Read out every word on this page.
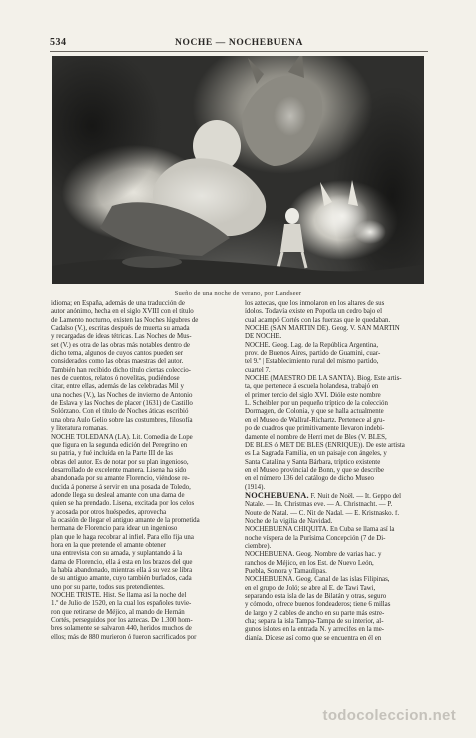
534	NOCHE — NOCHEBUENA
Sueño de una noche de verano, por Landseer
idioma; en España, además de una traducción de
autor anónimo, hecha en el siglo XVIII con el título
de Lamento nocturno, existen las Noches lúgubres de
Cadalso (V.), escritas después de muerta su amada
y recargadas de ideas tétricas. Las Noches de Mus-
set (V.) es otra de las obras más notables dentro de
dicho tema, algunos de cuyos cantos pueden ser
considerados como las obras maestras del autor.
También han recibido dicho título ciertas coleccio-
nes de cuentos, relatos ó novelitas, pudiéndose
citar, entre ellas, además de las celebradas Mil y
una noches (V.), las Noches de invierno de Antonio
de Eslava y las Noches de placer (1631) de Castillo
Solórzano. Con el título de Noches áticas escribió
una obra Aulo Gelio sobre las costumbres, filosofía
y literatura romanas.
NOCHE TOLEDANA (LA). Lit. Comedia de Lope
que figura en la segunda edición del Peregrino en
su patria, y fué incluída en la Parte III de las
obras del autor. Es de notar por su plan ingenioso,
desarrollado de excelente manera. Lisena ha sido
abandonada por su amante Florencio, viéndose re-
ducida á ponerse á servir en una posada de Toledo,
adonde llega su desleal amante con una dama de
quien se ha prendado. Lisena, excitada por los celos
y acosada por otros huéspedes, aprovecha
la ocasión de llegar el antiguo amante de la prometida
hermana de Florencio para idear un ingenioso
plan que le haga recobrar al infiel. Para ello fija una
hora en la que pretende el amante obtener
una entrevista con su amada, y suplantando á la
dama de Florencio, ella á esta en los brazos del que
la había abandonado, mientras ella á su vez se libra
de su antiguo amante, cuyo también burlados, cada
uno por su parte, todos sus pretendientes.
NOCHE TRISTE. Hist. Se llama así la noche del
1.º de Julio de 1520, en la cual los españoles tuvie-
ron que retirarse de Méjico, al mando de Hernán
Cortés, perseguidos por los aztecas. De 1.300 hom-
bres solamente se salvaron 440, heridos muchos de
ellos; más de 880 murieron ó fueron sacrificados por
los aztecas, que los inmolaron en los altares de sus
ídolos. Todavía existe en Popotla un cedro bajo el
cual acampó Cortés con las fuerzas que le quedaban.
NOCHE (SAN MARTÍN DE). Geog. V. SAN MARTÍN
DE NOCHE.
NOCHE. Geog. Lag. de la República Argentina,
prov. de Buenos Aires, partido de Guamini, cuar-
tel 9.º | Establecimiento rural del mismo partido,
cuartel 7.
NOCHE (MAESTRO DE LA SANTA). Biog. Este artis-
ta, que pertenece á escuela holandesa, trabajó en
el primer tercio del siglo XVI. Dióle este nombre
L. Scheibler por un pequeño tríptico de la colección
Dormagen, de Colonia, y que se halla actualmente
en el Museo de Wallraf-Richartz. Pertenece al gru-
po de cuadros que primitivamente llevaron indebi-
damente el nombre de Herri met de Bles (V. BLES,
DE BLES ó MET DE BLES (ENRIQUE)). De este artista
es La Sagrada Familia, en un paisaje con ángeles, y
Santa Catalina y Santa Bárbara, tríptico existente
en el Museo provincial de Bonn, y que se describe
en el número 136 del catálogo de dicho Museo
(1914).
NOCHEBUENA. F. Nuit de Noël. — It. Geppo del
Natale. — In. Christmas eve. — A. Christnacht. — P.
Noute de Natal. — C. Nit de Nadal. — E. Kristnasko. f.
Noche de la vigilia de Navidad.
NOCHEBUENA CHIQUITA. En Cuba se llama así la
noche víspera de la Purísima Concepción (7 de Di-
ciembre).
NOCHEBUENA. Geog. Nombre de varias hac. y
ranchos de Méjico, en los Est. de Nuevo León,
Puebla, Sonora y Tamaulipas.
NOCHEBUENA. Geog. Canal de las islas Filipinas,
en el grupo de Joló; se abre al E. de Tawi Tawi,
separando esta isla de las de Bilatán y otras, seguro
y cómodo, ofrece buenos fondeaderos; tiene 6 millas
de largo y 2 cables de ancho en su parte más estre-
cha; separa la isla Tampa-Tampa de su interior, al-
gunos islotes en la entrada N. y arrecifes en la me-
dianía. Dícese así como que se encuentra en él en
todocoleccion.net
